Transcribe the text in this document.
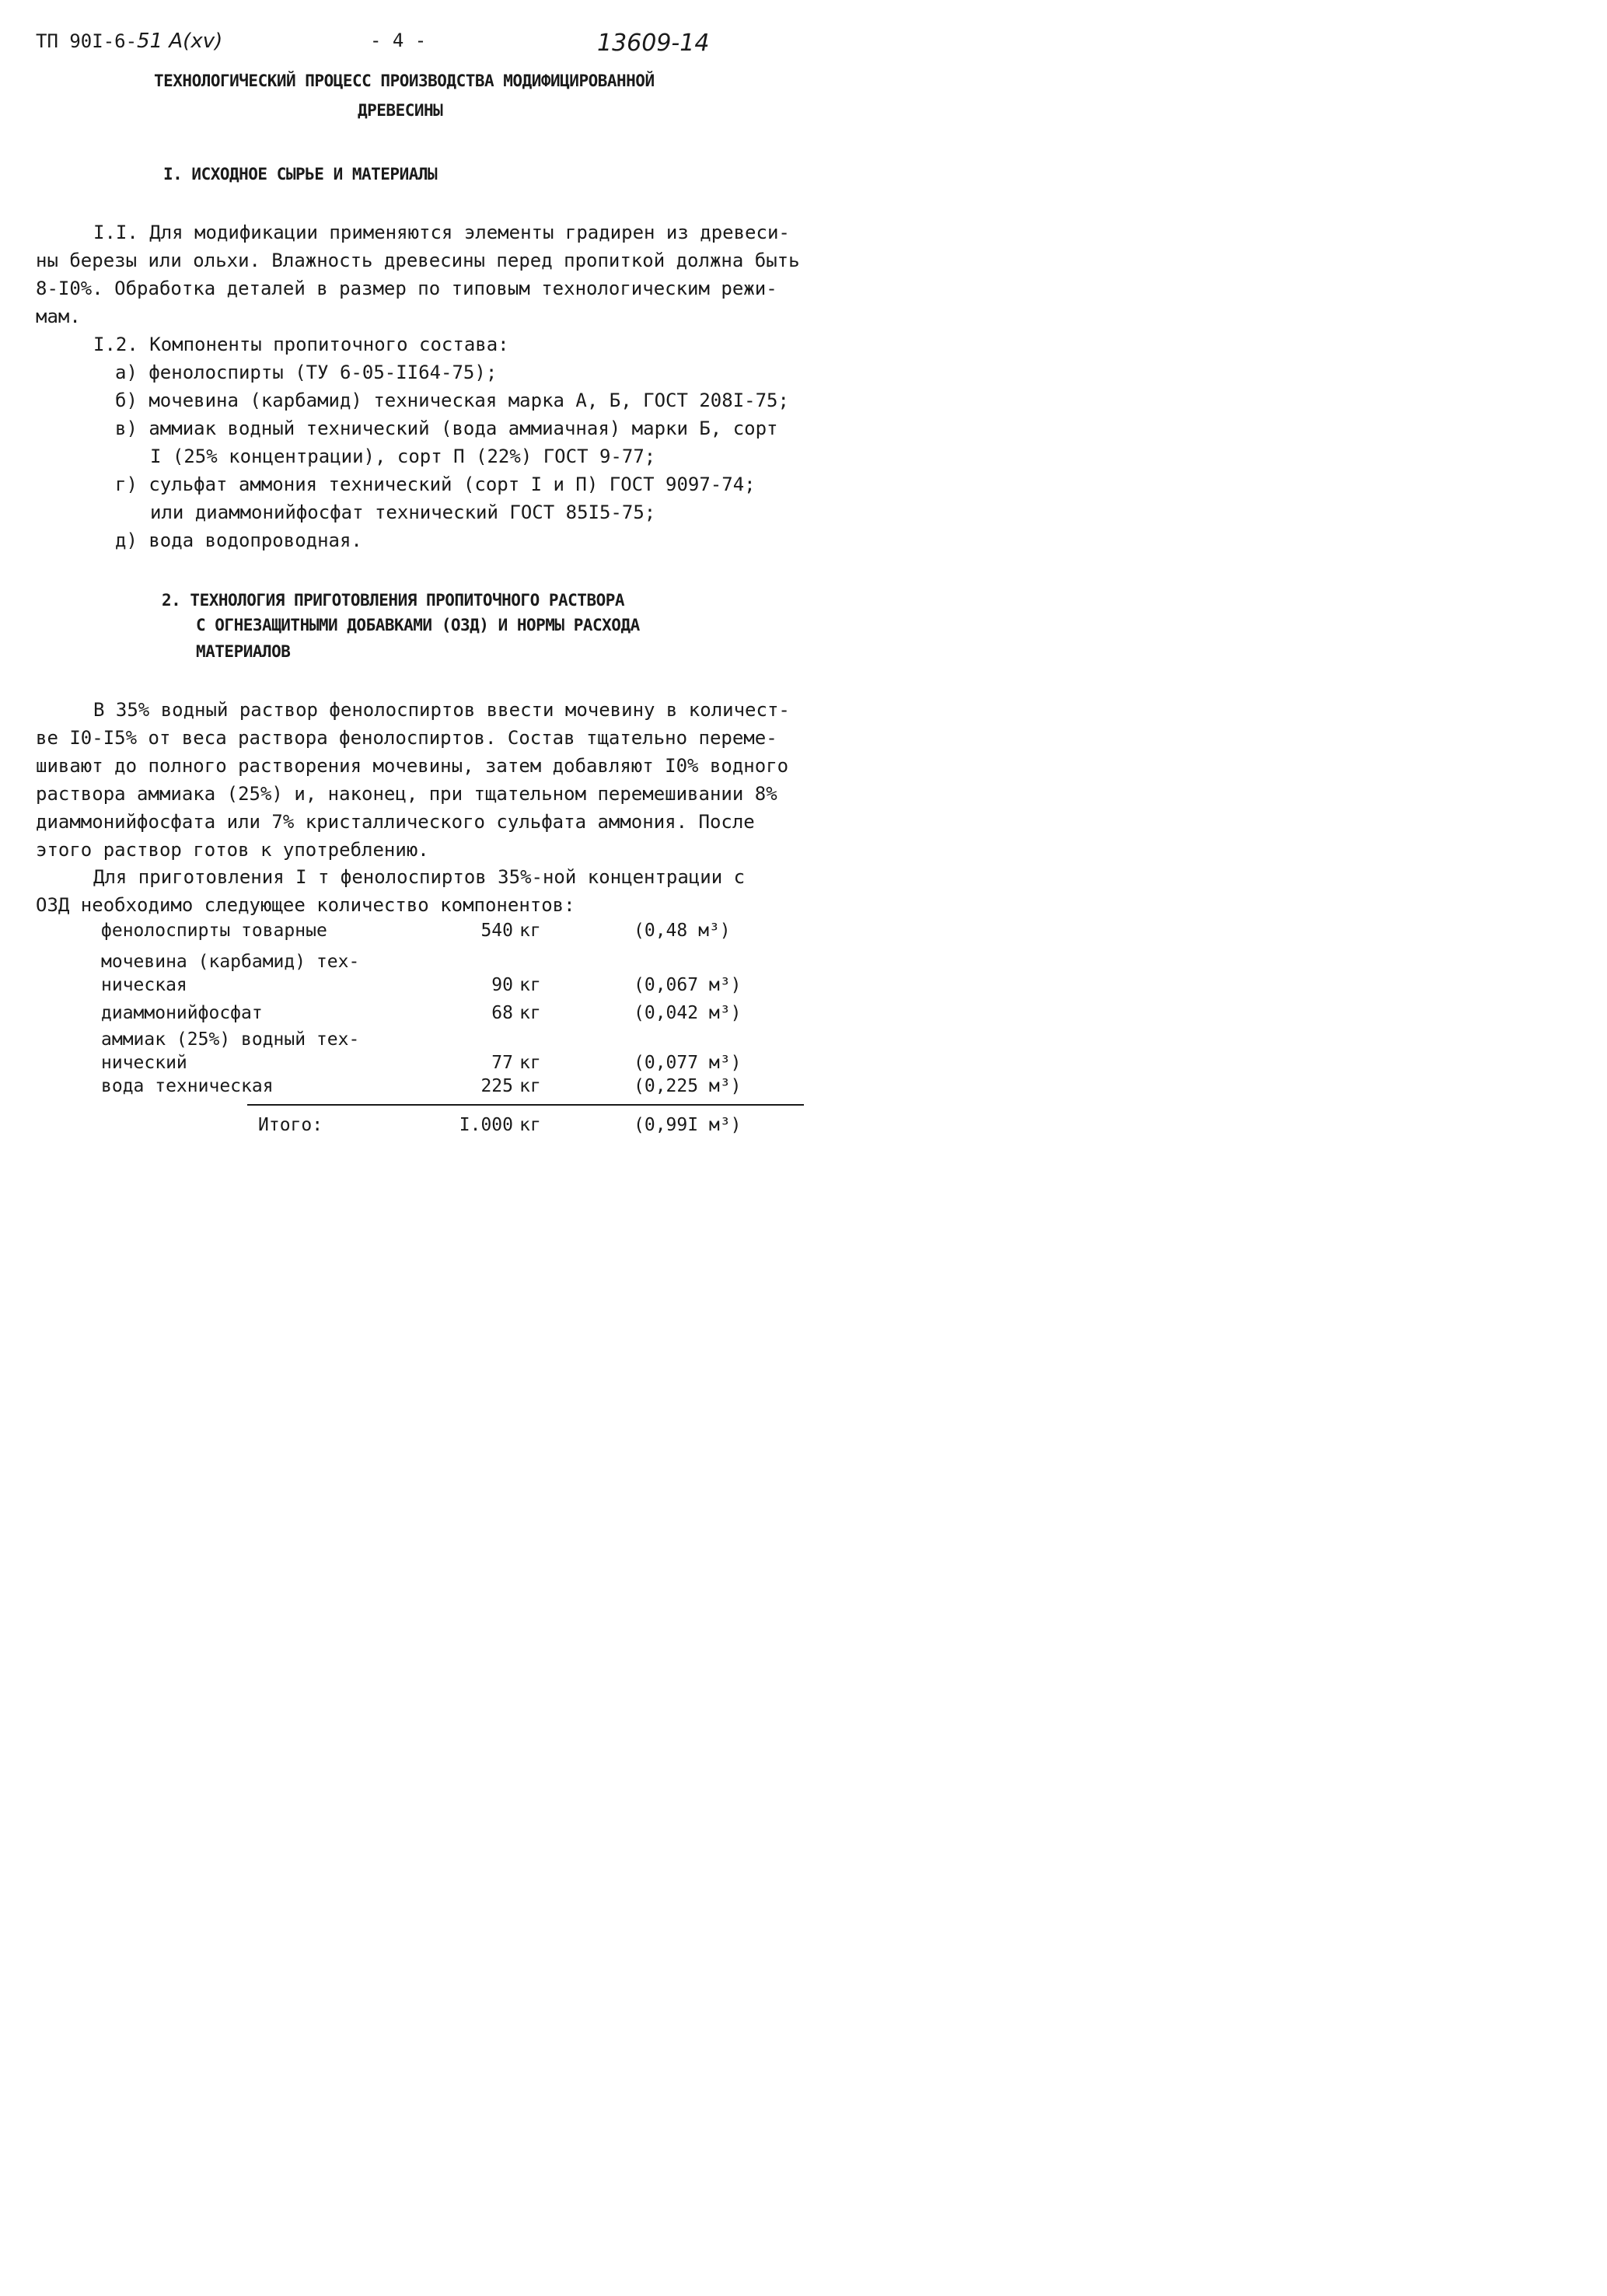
ТП 90I-6-51 A(xv)	- 4 -	13609-14
ТЕХНОЛОГИЧЕСКИЙ ПРОЦЕСС ПРОИЗВОДСТВА МОДИФИЦИРОВАННОЙ
ДРЕВЕСИНЫ
I. ИСХОДНОЕ СЫРЬЕ И МАТЕРИАЛЫ
I.I. Для модификации применяются элементы градирен из древеси-
ны березы или ольхи. Влажность древесины перед пропиткой должна быть
8-I0%. Обработка деталей в размер по типовым технологическим режи-
мам.
I.2. Компоненты пропиточного состава:
а) фенолоспирты (ТУ 6-05-II64-75);
б) мочевина (карбамид) техническая марка А, Б, ГОСТ 208I-75;
в) аммиак водный технический (вода аммиачная) марки Б, сорт
I (25% концентрации), сорт П (22%) ГОСТ 9-77;
г) сульфат аммония технический (сорт I и П) ГОСТ 9097-74;
или диаммонийфосфат технический ГОСТ 85I5-75;
д) вода водопроводная.
2. ТЕХНОЛОГИЯ ПРИГОТОВЛЕНИЯ ПРОПИТОЧНОГО РАСТВОРА
С ОГНЕЗАЩИТНЫМИ ДОБАВКАМИ (ОЗД) И НОРМЫ РАСХОДА
МАТЕРИАЛОВ
В 35% водный раствор фенолоспиртов ввести мочевину в количест-
ве I0-I5% от веса раствора фенолоспиртов. Состав тщательно переме-
шивают до полного растворения мочевины, затем добавляют I0% водного
раствора аммиака (25%) и, наконец, при тщательном перемешивании 8%
диаммонийфосфата или 7% кристаллического сульфата аммония. После
этого раствор готов к употреблению.
Для приготовления I т фенолоспиртов 35%-ной концентрации с
ОЗД необходимо следующее количество компонентов:
фенолоспирты товарные	540 кг	(0,48 м³)
мочевина (карбамид) тех-
ническая	90 кг	(0,067 м³)
диаммонийфосфат	68 кг	(0,042 м³)
аммиак (25%) водный тех-
нический	77 кг	(0,077 м³)
вода техническая	225 кг	(0,225 м³)
Итого:	I.000 кг	(0,99I м³)
